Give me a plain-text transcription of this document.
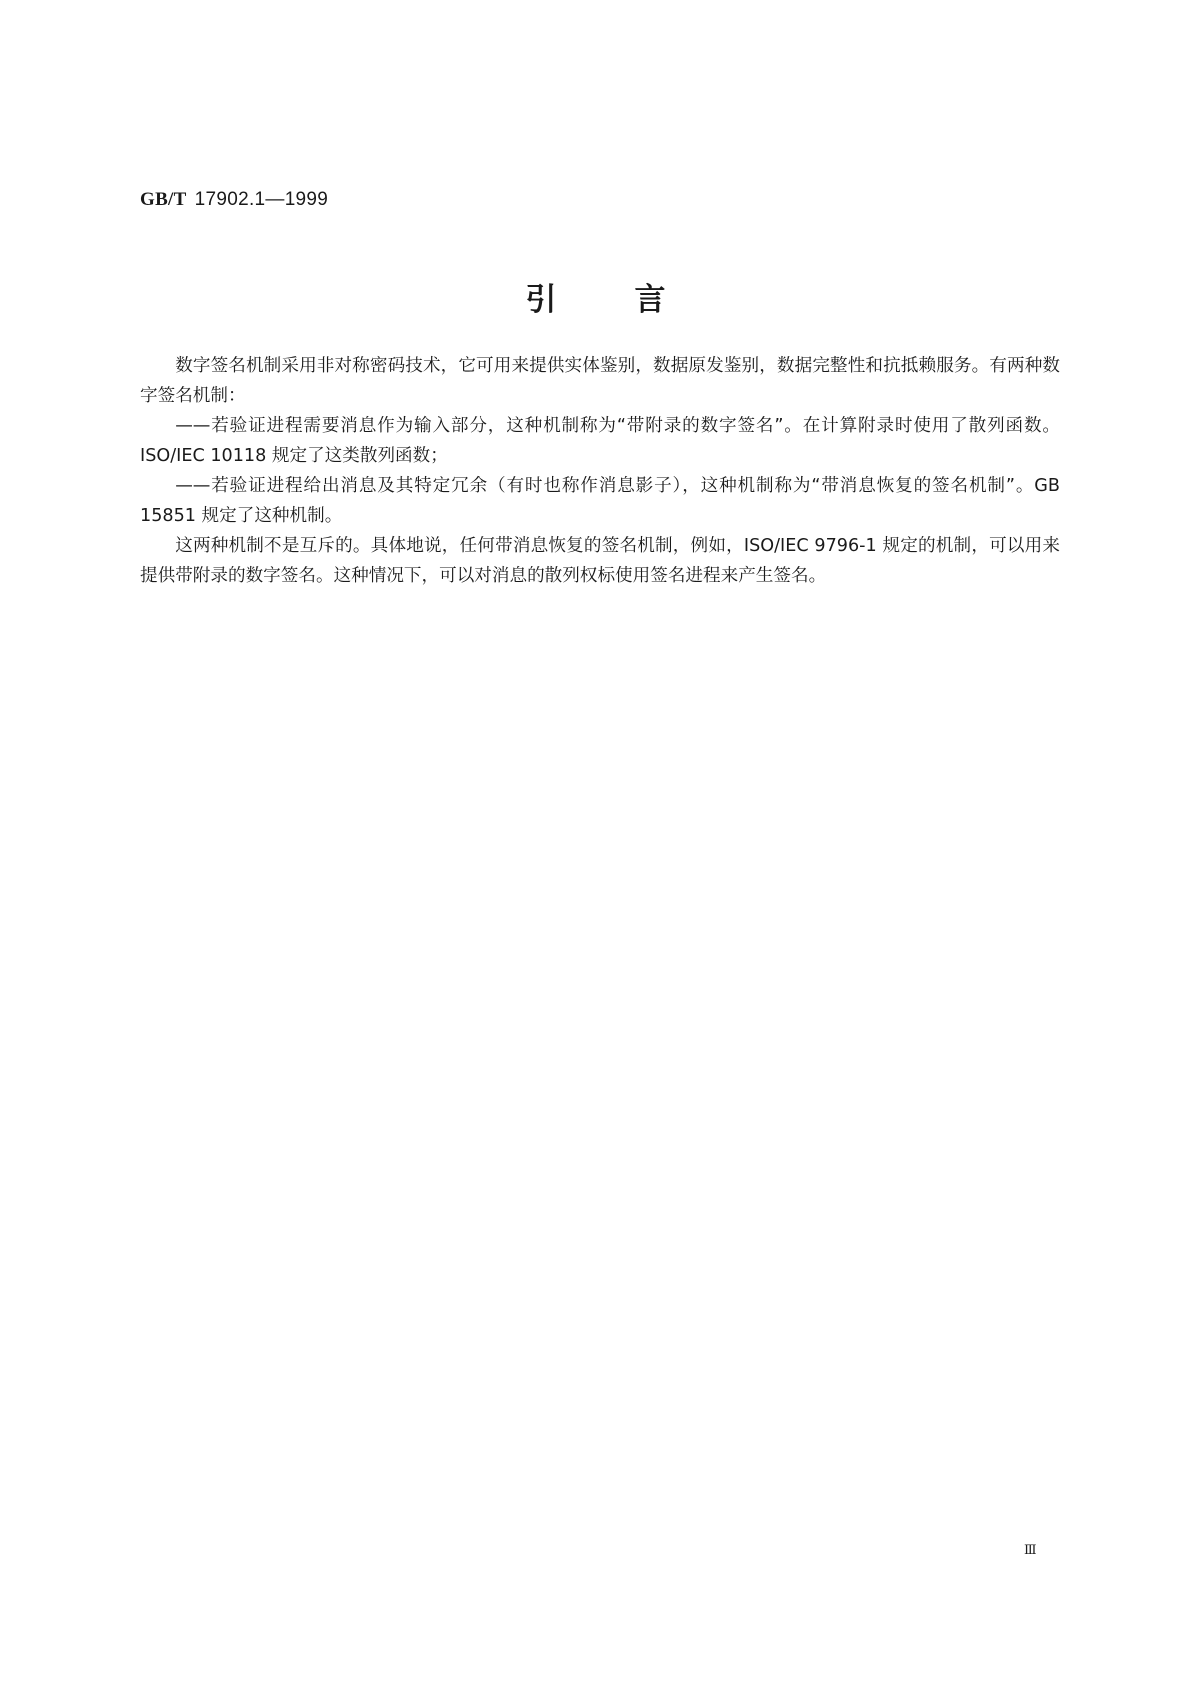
GB/T 17902.1—1999
引言

数字签名机制采用非对称密码技术，它可用来提供实体鉴别，数据原发鉴别，数据完整性和抗抵赖服务。有两种数字签名机制：

——若验证进程需要消息作为输入部分，这种机制称为“带附录的数字签名”。在计算附录时使用了散列函数。ISO/IEC 10118 规定了这类散列函数；

——若验证进程给出消息及其特定冗余（有时也称作消息影子），这种机制称为“带消息恢复的签名机制”。GB 15851 规定了这种机制。

这两种机制不是互斥的。具体地说，任何带消息恢复的签名机制，例如，ISO/IEC 9796-1 规定的机制，可以用来提供带附录的数字签名。这种情况下，可以对消息的散列权标使用签名进程来产生签名。

Ⅲ
